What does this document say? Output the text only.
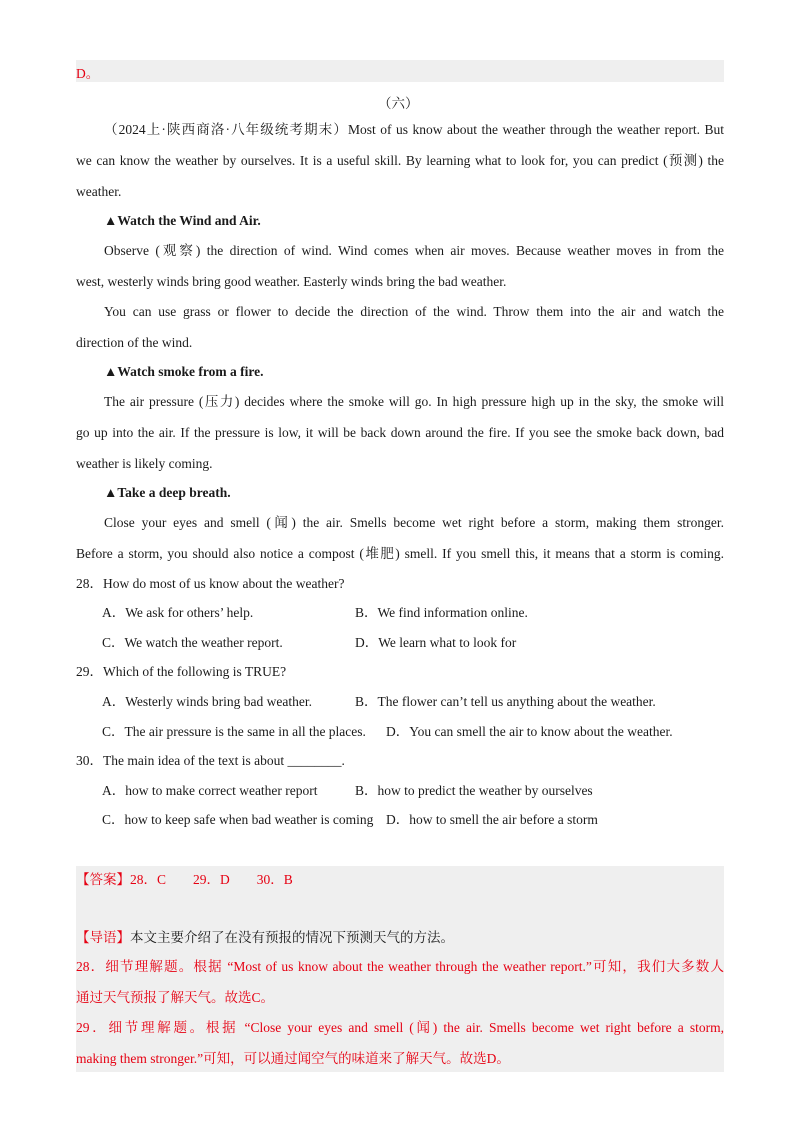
D。
（六）
（2024上·陕西商洛·八年级统考期末）Most of us know about the weather through the weather report. But
we can know the weather by ourselves. It is a useful skill. By learning what to look for, you can predict (预测) the
weather.
▲Watch the Wind and Air.
Observe (观察) the direction of wind. Wind comes when air moves. Because weather moves in from the
west, westerly winds bring good weather. Easterly winds bring the bad weather.
You can use grass or flower to decide the direction of the wind. Throw them into the air and watch the
direction of the wind.
▲Watch smoke from a fire.
The air pressure (压力) decides where the smoke will go. In high pressure high up in the sky, the smoke will
go up into the air. If the pressure is low, it will be back down around the fire. If you see the smoke back down, bad
weather is likely coming.
▲Take a deep breath.
Close your eyes and smell (闻) the air. Smells become wet right before a storm, making them stronger.
Before a storm, you should also notice a compost (堆肥) smell. If you smell this, it means that a storm is coming.
28．How do most of us know about the weather?
A．We ask for others’ help.	B．We find information online.
C．We watch the weather report.	D．We learn what to look for
29．Which of the following is TRUE?
A．Westerly winds bring bad weather.	B．The flower can’t tell us anything about the weather.
C．The air pressure is the same in all the places. D．You can smell the air to know about the weather.
30．The main idea of the text is about ________.
A．how to make correct weather report	B．how to predict the weather by ourselves
C．how to keep safe when bad weather is coming D．how to smell the air before a storm
【答案】28．C　　29．D　　30．B
【导语】本文主要介绍了在没有预报的情况下预测天气的方法。
28．细节理解题。根据 “Most of us know about the weather through the weather report.”可知，我们大多数人
通过天气预报了解天气。故选C。
29．细节理解题。根据 “Close your eyes and smell (闻) the air. Smells become wet right before a storm,
making them stronger.”可知，可以通过闻空气的味道来了解天气。故选D。
